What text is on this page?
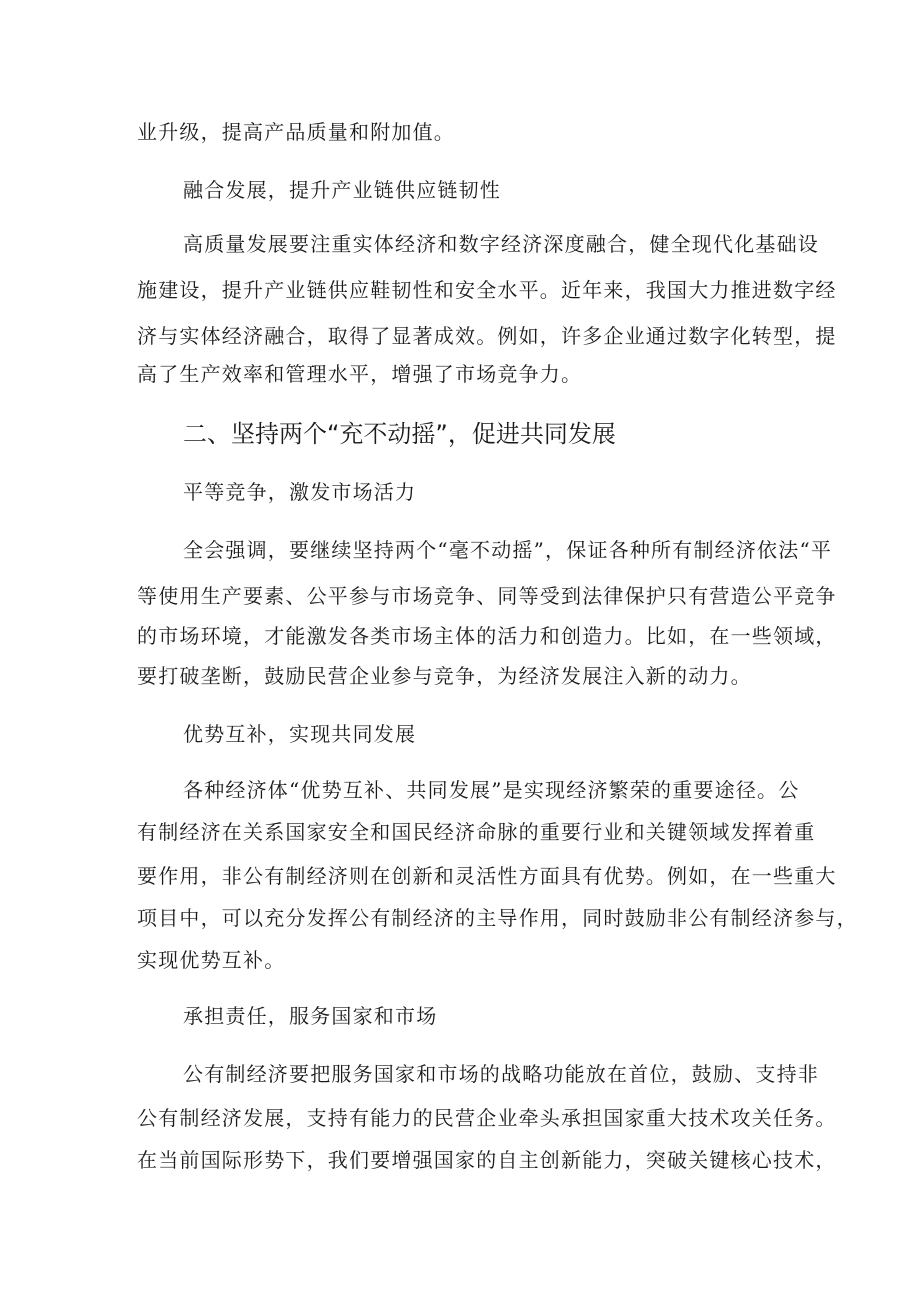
业升级，提高产品质量和附加值。
融合发展，提升产业链供应链韧性
高质量发展要注重实体经济和数字经济深度融合，健全现代化基础设
施建设，提升产业链供应鞋韧性和安全水平。近年来，我国大力推进数字经
济与实体经济融合，取得了显著成效。例如，许多企业通过数字化转型，提
高了生产效率和管理水平，增强了市场竞争力。
二、坚持两个“充不动摇”，促进共同发展
平等竞争，激发市场活力
全会强调，要继续坚持两个“毫不动摇”，保证各种所有制经济依法“平
等使用生产要素、公平参与市场竞争、同等受到法律保护只有营造公平竞争
的市场环境，才能激发各类市场主体的活力和创造力。比如，在一些领域，
要打破垄断，鼓励民营企业参与竞争，为经济发展注入新的动力。
优势互补，实现共同发展
各种经济体“优势互补、共同发展”是实现经济繁荣的重要途径。公
有制经济在关系国家安全和国民经济命脉的重要行业和关键领域发挥着重
要作用，非公有制经济则在创新和灵活性方面具有优势。例如，在一些重大
项目中，可以充分发挥公有制经济的主导作用，同时鼓励非公有制经济参与，
实现优势互补。
承担责任，服务国家和市场
公有制经济要把服务国家和市场的战略功能放在首位，鼓励、支持非
公有制经济发展，支持有能力的民营企业牵头承担国家重大技术攻关任务。
在当前国际形势下，我们要增强国家的自主创新能力，突破关键核心技术，
